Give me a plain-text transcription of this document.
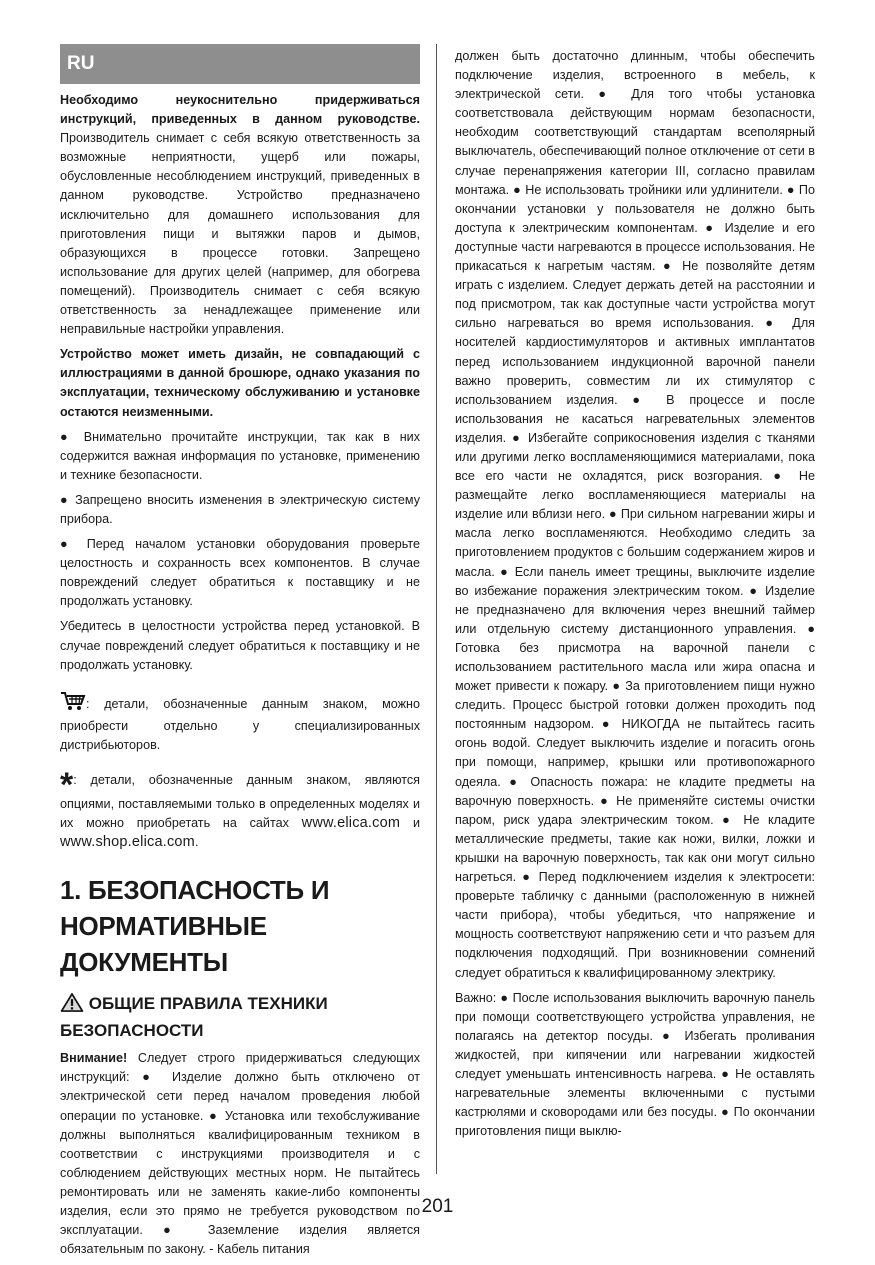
RU

Необходимо неукоснительно придерживаться инструкций, приведенных в данном руководстве. Производитель снимает с себя всякую ответственность за возможные неприятности, ущерб или пожары, обусловленные несоблюдением инструкций, приведенных в данном руководстве. Устройство предназначено исключительно для домашнего использования для приготовления пищи и вытяжки паров и дымов, образующихся в процессе готовки. Запрещено использование для других целей (например, для обогрева помещений). Производитель снимает с себя всякую ответственность за ненадлежащее применение или неправильные настройки управления.

Устройство может иметь дизайн, не совпадающий с иллюстрациями в данной брошюре, однако указания по эксплуатации, техническому обслуживанию и установке остаются неизменными.

● Внимательно прочитайте инструкции, так как в них содержится важная информация по установке, применению и технике безопасности.

● Запрещено вносить изменения в электрическую систему прибора.

● Перед началом установки оборудования проверьте целостность и сохранность всех компонентов. В случае повреждений следует обратиться к поставщику и не продолжать установку.

Убедитесь в целостности устройства перед установкой. В случае повреждений следует обратиться к поставщику и не продолжать установку.

: детали, обозначенные данным знаком, можно приобрести отдельно у специализированных дистрибьюторов.

*: детали, обозначенные данным знаком, являются опциями, поставляемыми только в определенных моделях и их можно приобретать на сайтах www.elica.com и www.shop.elica.com.

1. БЕЗОПАСНОСТЬ И НОРМАТИВНЫЕ ДОКУМЕНТЫ
ОБЩИЕ ПРАВИЛА ТЕХНИКИ БЕЗОПАСНОСТИ

Внимание! Следует строго придерживаться следующих инструкций: ● Изделие должно быть отключено от электрической сети перед началом проведения любой операции по установке. ● Установка или техобслуживание должны выполняться квалифицированным техником в соответствии с инструкциями производителя и с соблюдением действующих местных норм. Не пытайтесь ремонтировать или не заменять какие-либо компоненты изделия, если это прямо не требуется руководством по эксплуатации. ● Заземление изделия является обязательным по закону. - Кабель питания

должен быть достаточно длинным, чтобы обеспечить подключение изделия, встроенного в мебель, к электрической сети. ● Для того чтобы установка соответствовала действующим нормам безопасности, необходим соответствующий стандартам всеполярный выключатель, обеспечивающий полное отключение от сети в случае перенапряжения категории III, согласно правилам монтажа. ● Не использовать тройники или удлинители. ● По окончании установки у пользователя не должно быть доступа к электрическим компонентам. ● Изделие и его доступные части нагреваются в процессе использования. Не прикасаться к нагретым частям. ● Не позволяйте детям играть с изделием. Следует держать детей на расстоянии и под присмотром, так как доступные части устройства могут сильно нагреваться во время использования. ● Для носителей кардиостимуляторов и активных имплантатов перед использованием индукционной варочной панели важно проверить, совместим ли их стимулятор с использованием изделия. ● В процессе и после использования не касаться нагревательных элементов изделия. ● Избегайте соприкосновения изделия с тканями или другими легко воспламеняющимися материалами, пока все его части не охладятся, риск возгорания. ● Не размещайте легко воспламеняющиеся материалы на изделие или вблизи него. ● При сильном нагревании жиры и масла легко воспламеняются. Необходимо следить за приготовлением продуктов с большим содержанием жиров и масла. ● Если панель имеет трещины, выключите изделие во избежание поражения электрическим током. ● Изделие не предназначено для включения через внешний таймер или отдельную систему дистанционного управления. ● Готовка без присмотра на варочной панели с использованием растительного масла или жира опасна и может привести к пожару. ● За приготовлением пищи нужно следить. Процесс быстрой готовки должен проходить под постоянным надзором. ● НИКОГДА не пытайтесь гасить огонь водой. Следует выключить изделие и погасить огонь при помощи, например, крышки или противопожарного одеяла. ● Опасность пожара: не кладите предметы на варочную поверхность. ● Не применяйте системы очистки паром, риск удара электрическим током. ● Не кладите металлические предметы, такие как ножи, вилки, ложки и крышки на варочную поверхность, так как они могут сильно нагреться. ● Перед подключением изделия к электросети: проверьте табличку с данными (расположенную в нижней части прибора), чтобы убедиться, что напряжение и мощность соответствуют напряжению сети и что разъем для подключения подходящий. При возникновении сомнений следует обратиться к квалифицированному электрику.

Важно: ● После использования выключить варочную панель при помощи соответствующего устройства управления, не полагаясь на детектор посуды. ● Избегать проливания жидкостей, при кипячении или нагревании жидкостей следует уменьшать интенсивность нагрева. ● Не оставлять нагревательные элементы включенными с пустыми кастрюлями и сковородами или без посуды. ● По окончании приготовления пищи выклю-

201
